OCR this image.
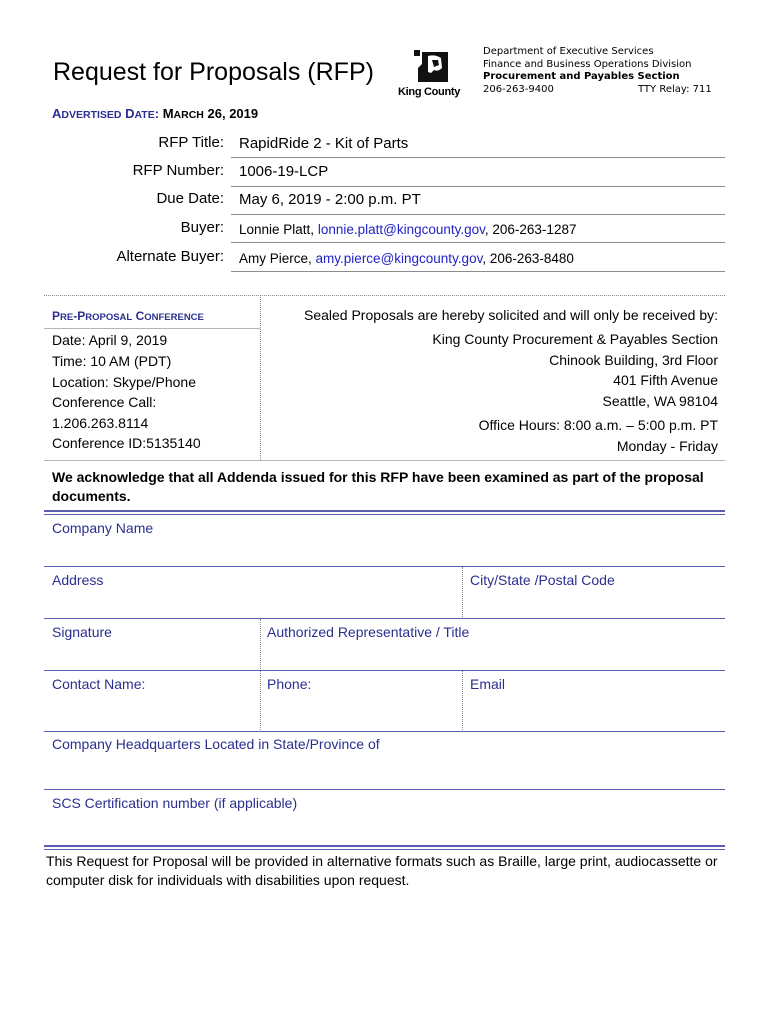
Request for Proposals (RFP)
King County
Department of Executive Services
Finance and Business Operations Division
Procurement and Payables Section
206-263-9400	TTY Relay: 711
ADVERTISED DATE: MARCH 26, 2019
RFP Title: RapidRide 2 - Kit of Parts
RFP Number: 1006-19-LCP
Due Date: May 6, 2019 - 2:00 p.m. PT
Buyer: Lonnie Platt, lonnie.platt@kingcounty.gov, 206-263-1287
Alternate Buyer: Amy Pierce, amy.pierce@kingcounty.gov, 206-263-8480
PRE-PROPOSAL CONFERENCE
Date: April 9, 2019
Time: 10 AM (PDT)
Location: Skype/Phone
Conference Call:
1.206.263.8114
Conference ID:5135140
Sealed Proposals are hereby solicited and will only be received by:
King County Procurement & Payables Section
Chinook Building, 3rd Floor
401 Fifth Avenue
Seattle, WA 98104
Office Hours: 8:00 a.m. – 5:00 p.m. PT
Monday - Friday
We acknowledge that all Addenda issued for this RFP have been examined as part of the proposal documents.
Company Name
Address	City/State /Postal Code
Signature	Authorized Representative / Title
Contact Name:	Phone:	Email
Company Headquarters Located in State/Province of
SCS Certification number (if applicable)
This Request for Proposal will be provided in alternative formats such as Braille, large print, audiocassette or computer disk for individuals with disabilities upon request.
